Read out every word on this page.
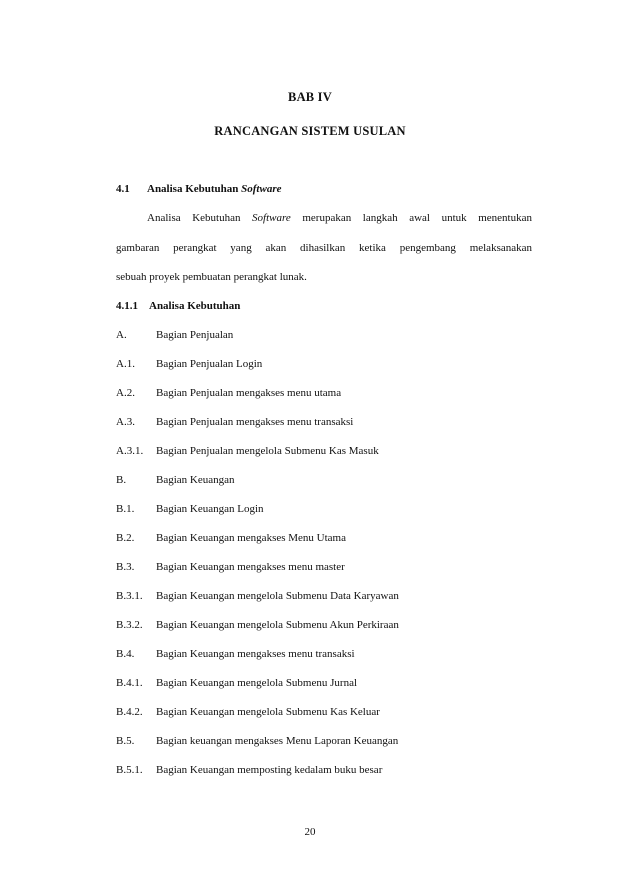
BAB IV
RANCANGAN SISTEM USULAN
4.1 Analisa Kebutuhan Software
Analisa Kebutuhan Software merupakan langkah awal untuk menentukan
gambaran perangkat yang akan dihasilkan ketika pengembang melaksanakan
sebuah proyek pembuatan perangkat lunak.
4.1.1 Analisa Kebutuhan
A.	Bagian Penjualan
A.1. Bagian Penjualan Login
A.2. Bagian Penjualan mengakses menu utama
A.3. Bagian Penjualan mengakses menu transaksi
A.3.1. Bagian Penjualan mengelola Submenu Kas Masuk
B.	Bagian Keuangan
B.1. Bagian Keuangan Login
B.2. Bagian Keuangan mengakses Menu Utama
B.3. Bagian Keuangan mengakses menu master
B.3.1. Bagian Keuangan mengelola Submenu Data Karyawan
B.3.2. Bagian Keuangan mengelola Submenu Akun Perkiraan
B.4. Bagian Keuangan mengakses menu transaksi
B.4.1. Bagian Keuangan mengelola Submenu Jurnal
B.4.2. Bagian Keuangan mengelola Submenu Kas Keluar
B.5. Bagian keuangan mengakses Menu Laporan Keuangan
B.5.1. Bagian Keuangan memposting kedalam buku besar
20
